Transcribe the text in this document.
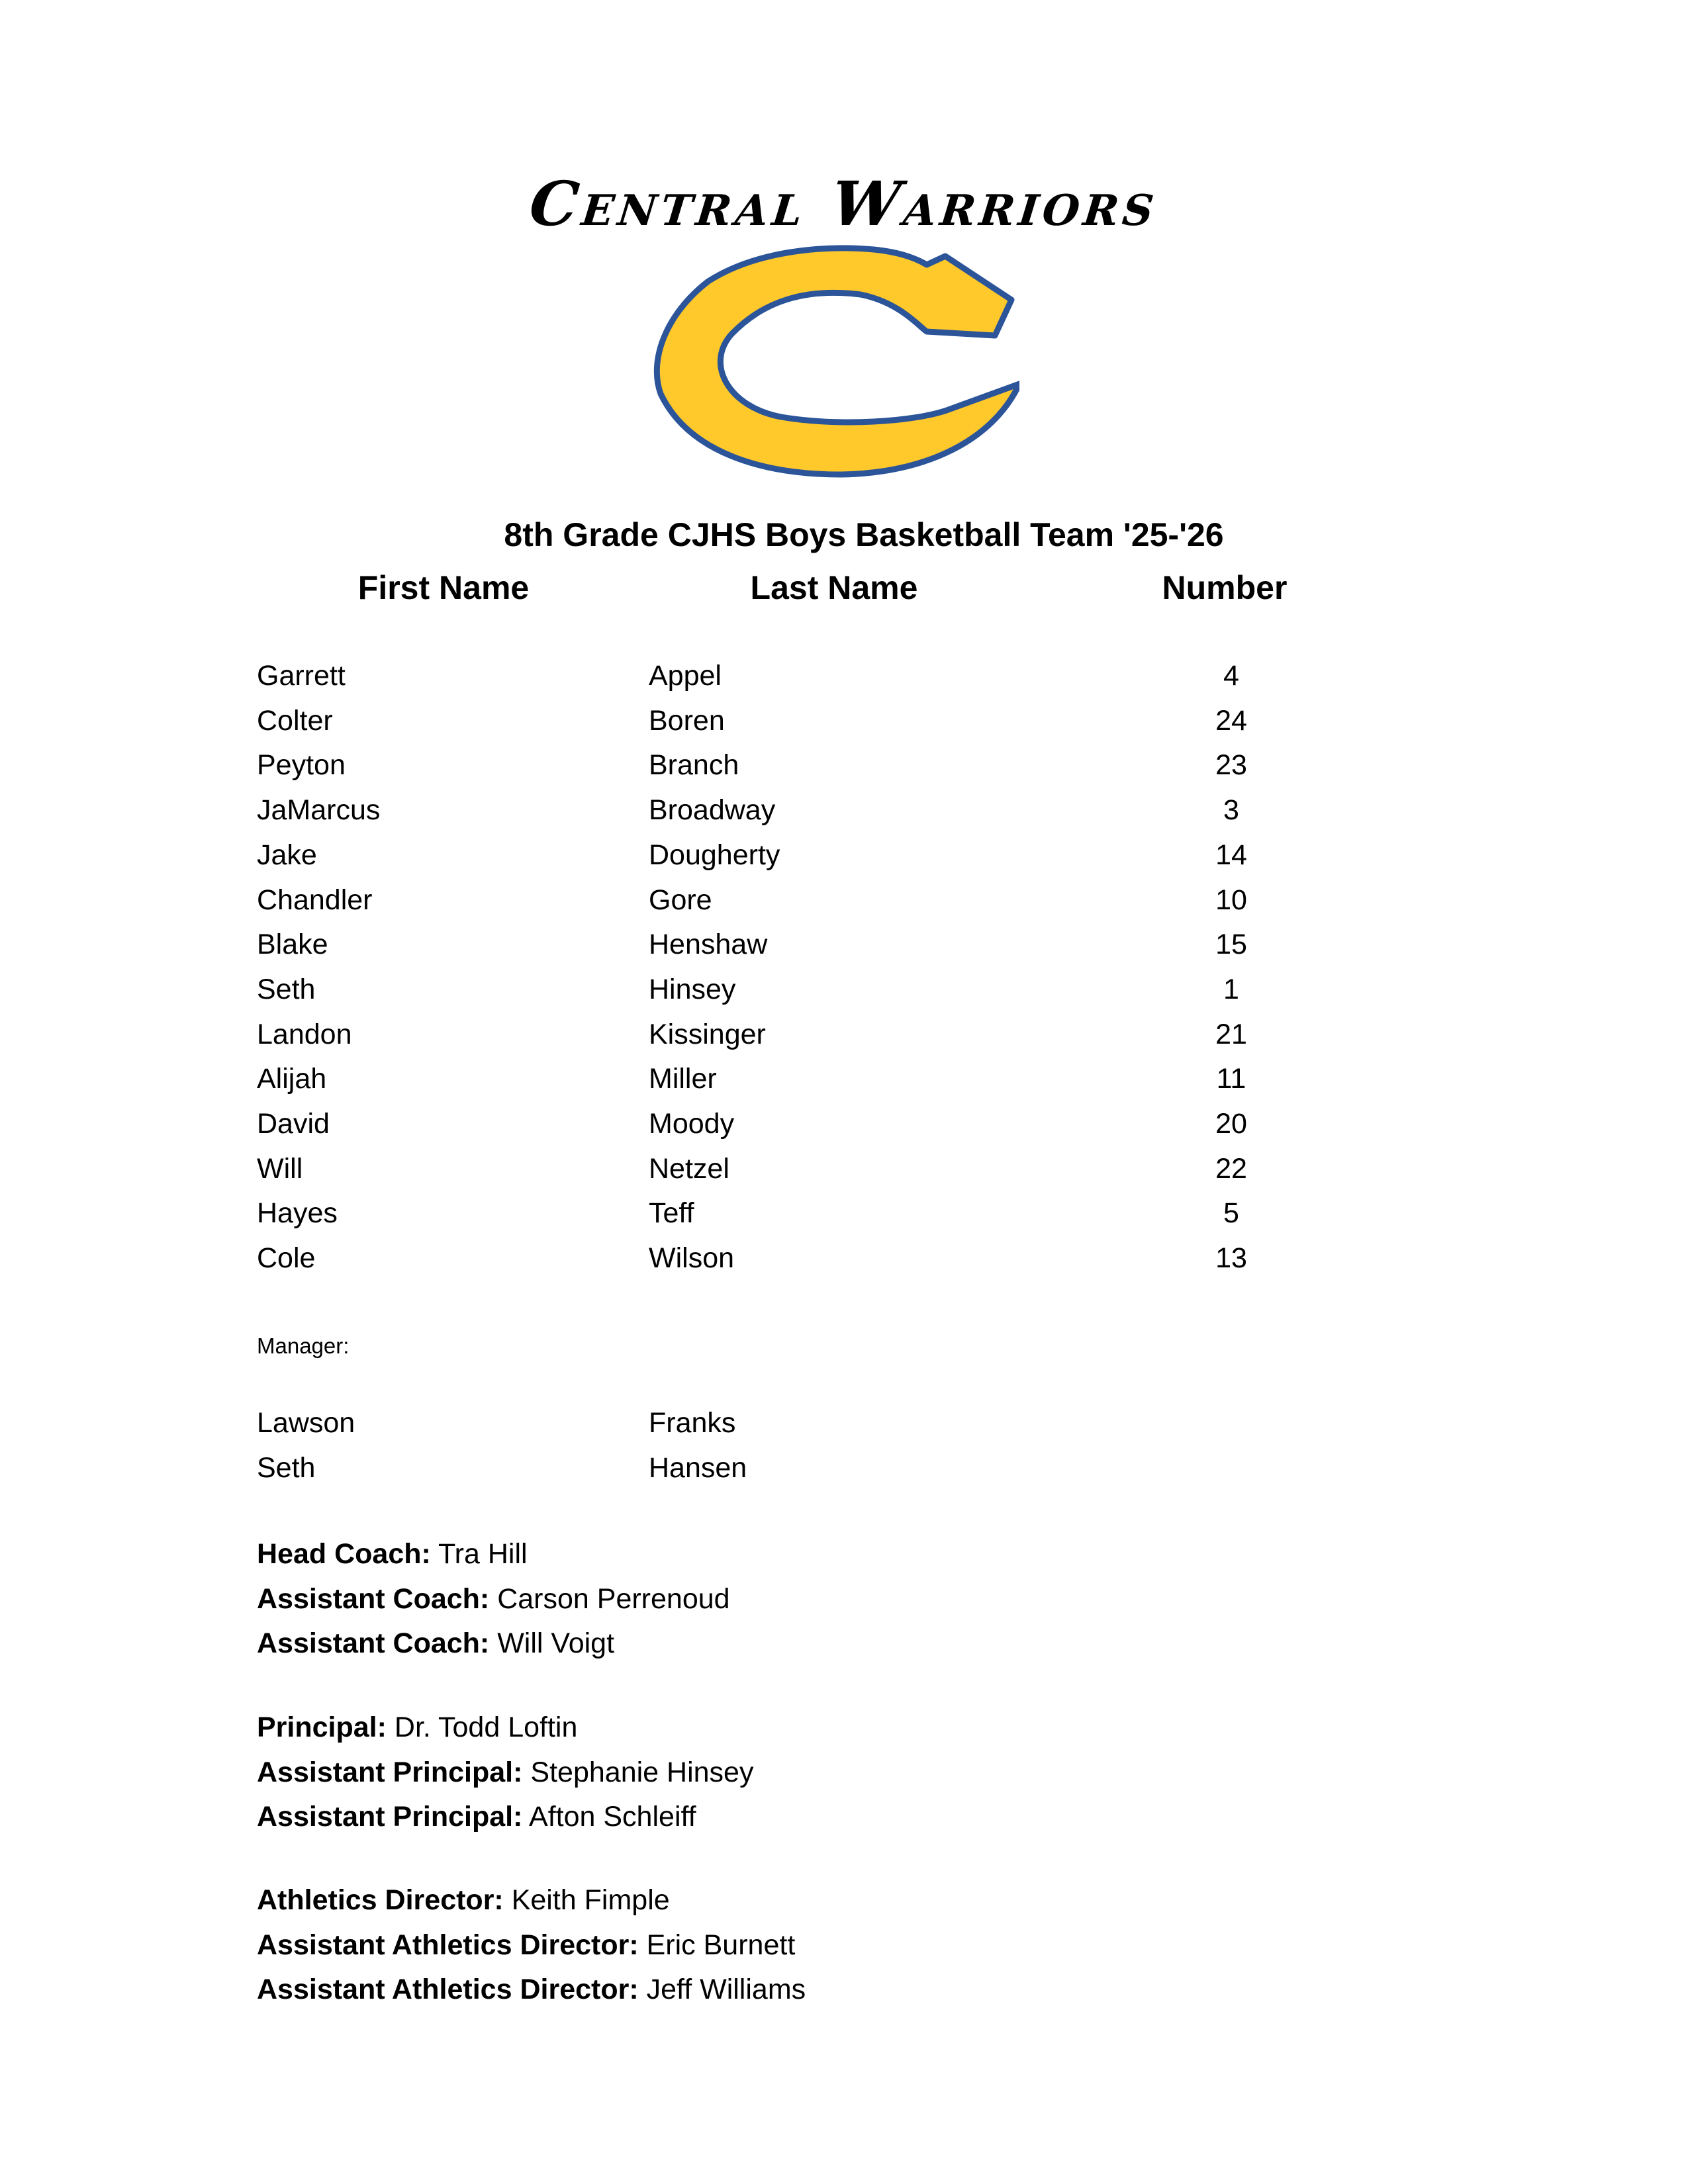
Central Warriors
8th Grade CJHS Boys Basketball Team '25-'26
First Name	Last Name	Number
Garrett	Appel	4
Colter	Boren	24
Peyton	Branch	23
JaMarcus	Broadway	3
Jake	Dougherty	14
Chandler	Gore	10
Blake	Henshaw	15
Seth	Hinsey	1
Landon	Kissinger	21
Alijah	Miller	11
David	Moody	20
Will	Netzel	22
Hayes	Teff	5
Cole	Wilson	13
Manager:
Lawson	Franks
Seth	Hansen
Head Coach: Tra Hill
Assistant Coach: Carson Perrenoud
Assistant Coach: Will Voigt
Principal: Dr. Todd Loftin
Assistant Principal: Stephanie Hinsey
Assistant Principal: Afton Schleiff
Athletics Director: Keith Fimple
Assistant Athletics Director: Eric Burnett
Assistant Athletics Director: Jeff Williams
